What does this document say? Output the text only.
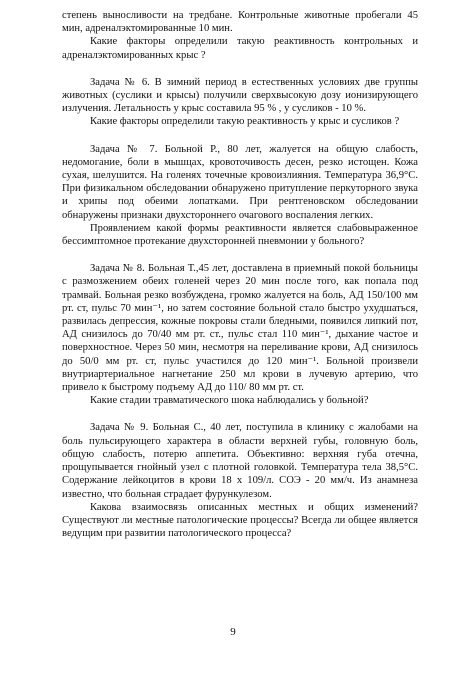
степень выносливости на тредбане. Контрольные животные пробегали 45 мин, адреналэктомированные 10 мин.

Какие факторы определили такую реактивность контрольных и адреналэктомированных крыс ?

Задача № 6. В зимний период в естественных условиях две группы животных (суслики и крысы) получили сверхвысокую дозу ионизирующего излучения. Летальность у крыс составила 95 % , у сусликов - 10 %.

Какие факторы определили такую реактивность у крыс и сусликов ?

Задача № 7. Больной Р., 80 лет, жалуется на общую слабость, недомогание, боли в мышцах, кровоточивость десен, резко истощен. Кожа сухая, шелушится. На голенях точечные кровоизлияния. Температура 36,9°С. При физикальном обследовании обнаружено притупление перкуторного звука и хрипы под обеими лопатками. При рентгеновском обследовании обнаружены признаки двухстороннего очагового воспаления легких.

Проявлением какой формы реактивности является слабовыраженное бессимптомное протекание двухсторонней пневмонии у больного?

Задача № 8. Больная Т.,45 лет, доставлена в приемный покой больницы с размозжением обеих голеней через 20 мин после того, как попала под трамвай. Больная резко возбуждена, громко жалуется на боль, АД 150/100 мм рт. ст, пульс 70 мин⁻¹, но затем состояние больной стало быстро ухудшаться, развилась депрессия, кожные покровы стали бледными, появился липкий пот, АД снизилось до 70/40 мм рт. ст., пульс стал 110 мин⁻¹, дыхание частое и поверхностное. Через 50 мин, несмотря на переливание крови, АД снизилось до 50/0 мм рт. ст, пульс участился до 120 мин⁻¹. Больной произвели внутриартериальное нагнетание 250 мл крови в лучевую артерию, что привело к быстрому подъему АД до 110/ 80 мм рт. ст.

Какие стадии травматического шока наблюдались у больной?

Задача № 9. Больная С., 40 лет, поступила в клинику с жалобами на боль пульсирующего характера в области верхней губы, головную боль, общую слабость, потерю аппетита. Объективно: верхняя губа отечна, прощупывается гнойный узел с плотной головкой. Температура тела 38,5°С. Содержание лейкоцитов в крови 18 х 109/л. СОЭ - 20 мм/ч. Из анамнеза известно, что больная страдает фурункулезом.

Какова взаимосвязь описанных местных и общих изменений? Существуют ли местные патологические процессы? Всегда ли общее является ведущим при развитии патологического процесса?

9
